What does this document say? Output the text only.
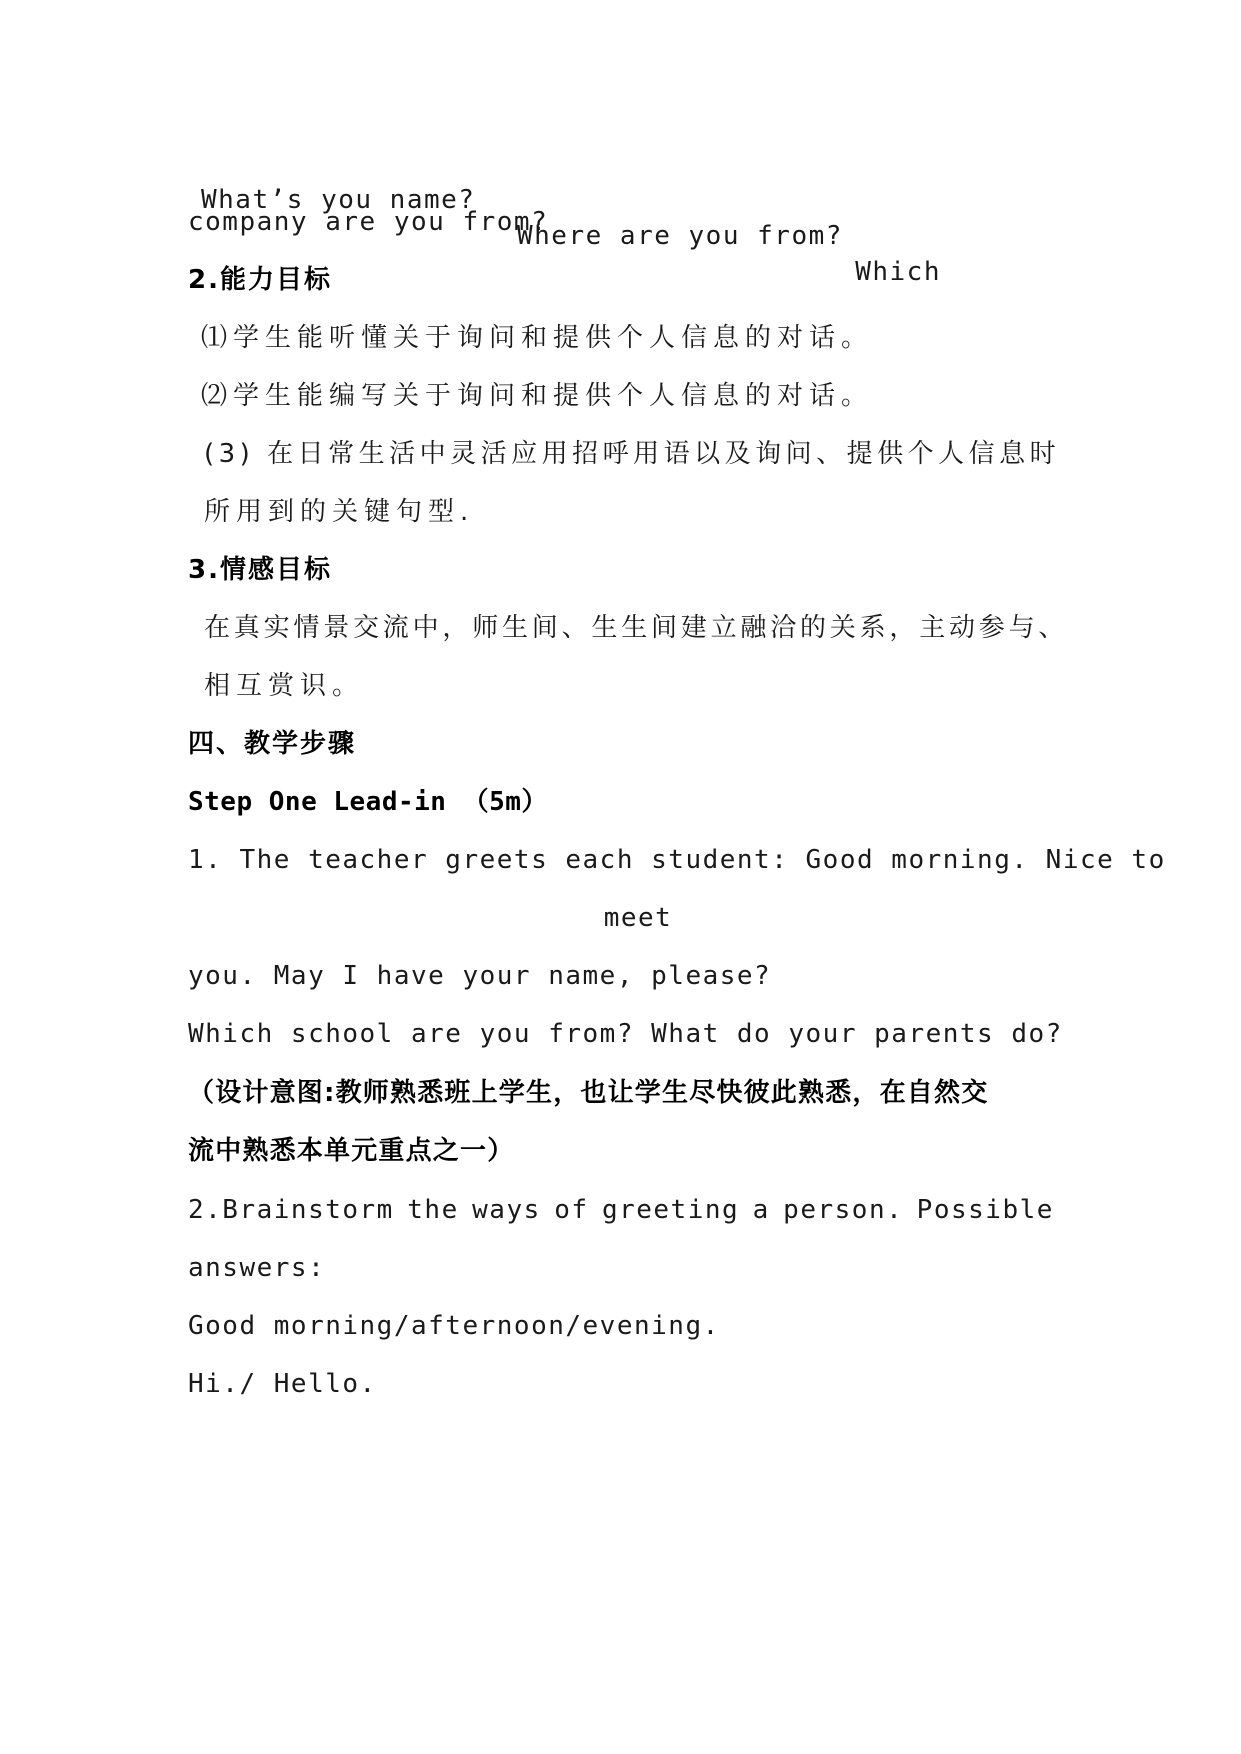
What’s you name?

Where are you from?

Which

company are you from?
2.能力目标
⑴学生能听懂关于询问和提供个人信息的对话。
⑵学生能编写关于询问和提供个人信息的对话。
(3) 在日常生活中灵活应用招呼用语以及询问、提供个人信息时
所用到的关键句型.
3.情感目标
在真实情景交流中，师生间、生生间建立融洽的关系，主动参与、
相互赏识。
四、教学步骤
Step One Lead-in （5m）
1. The teacher greets each student: Good morning. Nice to
meet
you. May I have your name, please?
Which school are you from? What do your parents do?
（设计意图:教师熟悉班上学生，也让学生尽快彼此熟悉，在自然交
流中熟悉本单元重点之一）
2.Brainstorm the ways of greeting a person. Possible
answers:
Good morning/afternoon/evening.
Hi./ Hello.
